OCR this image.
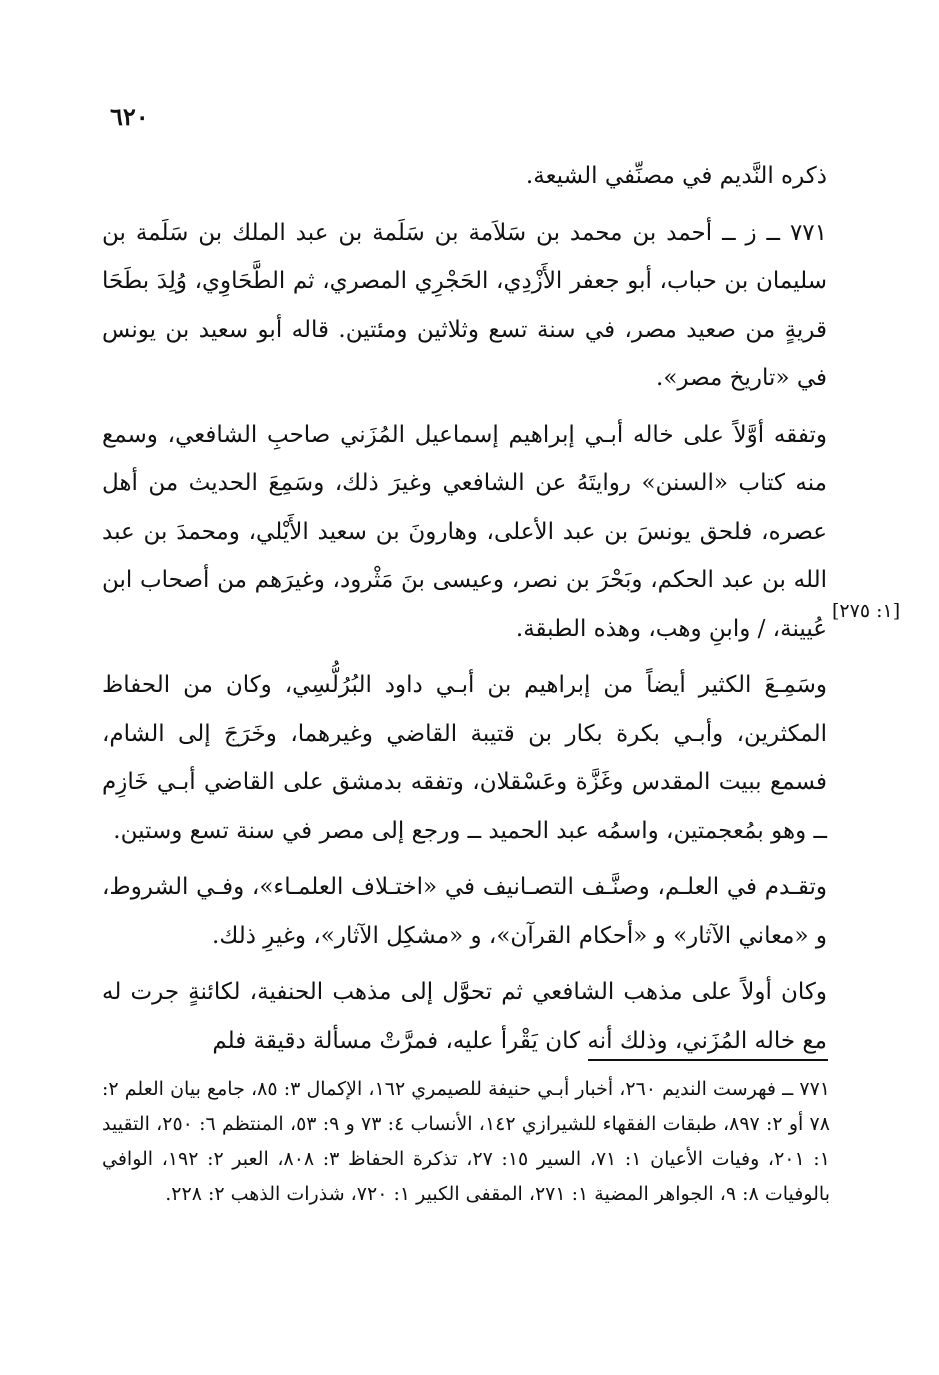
٦٢٠

ذكره النَّديم في مصنِّفي الشيعة.

٧٧١ ــ ز ــ أحمد بن محمد بن سَلاَمة بن سَلَمة بن عبد الملك بن سَلَمة بن سليمان بن حباب، أبو جعفر الأَزْدِي، الحَجْرِي المصري، ثم الطَّحَاوِي، وُلِدَ بطَحَا قريةٍ من صعيد مصر، في سنة تسع وثلاثين ومئتين. قاله أبو سعيد بن يونس في «تاريخ مصر».

وتفقه أوَّلاً على خاله أبـي إبراهيم إسماعيل المُزَني صاحبِ الشافعي، وسمع منه كتاب «السنن» روايتَهُ عن الشافعي وغيرَ ذلك، وسَمِعَ الحديث من أهل عصره، فلحق يونسَ بن عبد الأعلى، وهارونَ بن سعيد الأَيْلي، ومحمدَ بن عبد الله بن عبد الحكم، وبَحْرَ بن نصر، وعيسى بنَ مَثْرود، وغيرَهم من أصحاب ابن عُيينة، / وابنِ وهب، وهذه الطبقة.

وسَمِـعَ الكثير أيضاً من إبراهيم بن أبـي داود البُرُلُّسِي، وكان من الحفاظ المكثرين، وأبـي بكرة بكار بن قتيبة القاضي وغيرهما، وخَرَجَ إلى الشام، فسمع ببيت المقدس وغَزَّة وعَسْقلان، وتفقه بدمشق على القاضي أبـي خَازِم ــ وهو بمُعجمتين، واسمُه عبد الحميد ــ ورجع إلى مصر في سنة تسع وستين.

وتقـدم في العلـم، وصنَّـف التصـانيف في «اختـلاف العلمـاء»، وفـي الشروط، و «معاني الآثار» و «أحكام القرآن»، و «مشكِل الآثار»، وغيرِ ذلك.

وكان أولاً على مذهب الشافعي ثم تحوَّل إلى مذهب الحنفية، لكائنةٍ جرت له مع خاله المُزَني، وذلك أنه كان يَقْرأ عليه، فمرَّتْ مسألة دقيقة فلم

[١: ٢٧٥]
٧٧١ ــ فهرست النديم ٢٦٠، أخبار أبـي حنيفة للصيمري ١٦٢، الإكمال ٣: ٨٥، جامع بيان العلم ٢: ٧٨ أو ٢: ٨٩٧، طبقات الفقهاء للشيرازي ١٤٢، الأنساب ٤: ٧٣ و ٩: ٥٣، المنتظم ٦: ٢٥٠، التقييد ١: ٢٠١، وفيات الأعيان ١: ٧١، السير ١٥: ٢٧، تذكرة الحفاظ ٣: ٨٠٨، العبر ٢: ١٩٢، الوافي بالوفيات ٨: ٩، الجواهر المضية ١: ٢٧١، المقفى الكبير ١: ٧٢٠، شذرات الذهب ٢: ٢٢٨.
